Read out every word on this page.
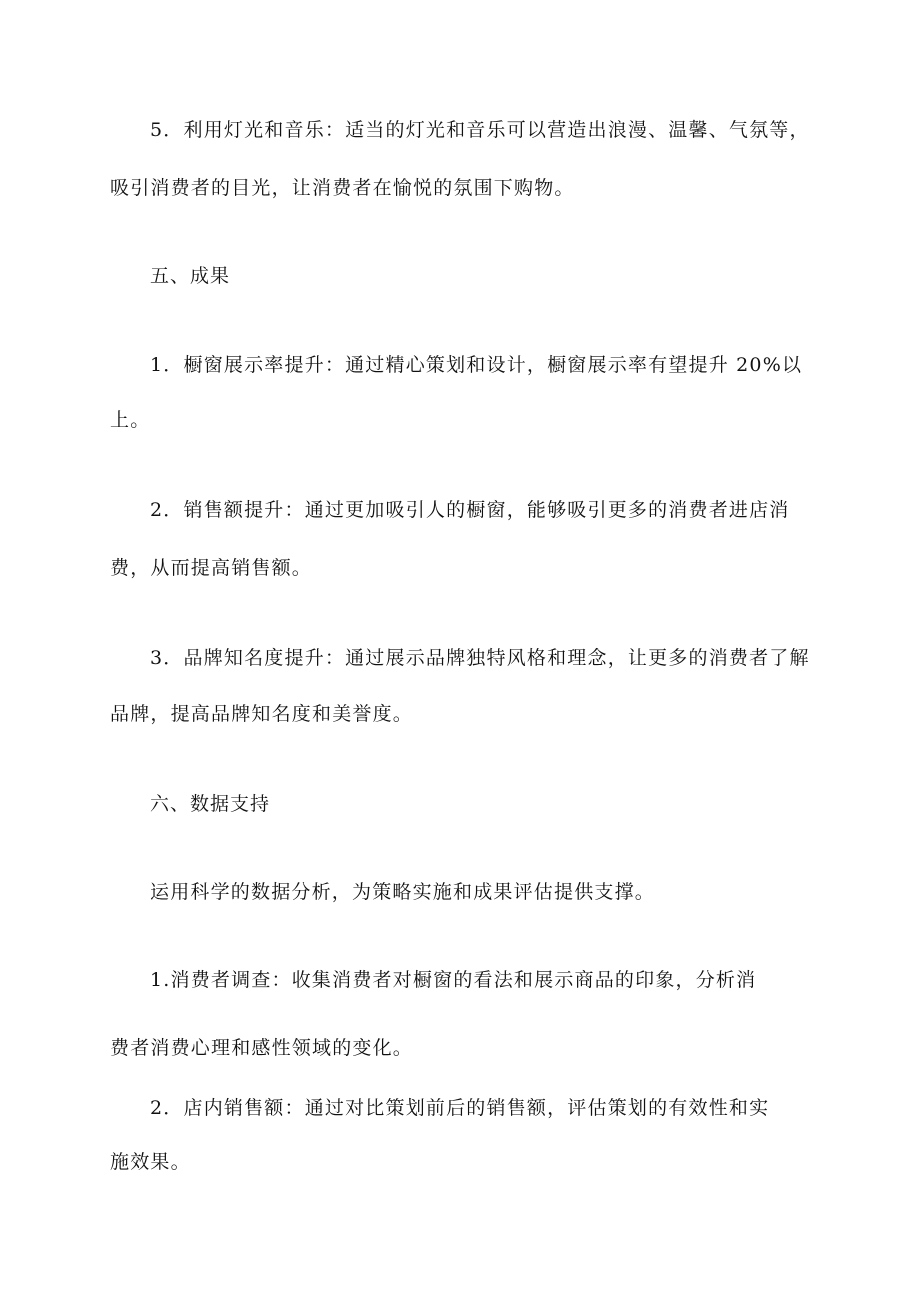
5．利用灯光和音乐：适当的灯光和音乐可以营造出浪漫、温馨、气氛等，
吸引消费者的目光，让消费者在愉悦的氛围下购物。
五、成果
1．橱窗展示率提升：通过精心策划和设计，橱窗展示率有望提升 20%以
上。
2．销售额提升：通过更加吸引人的橱窗，能够吸引更多的消费者进店消
费，从而提高销售额。
3．品牌知名度提升：通过展示品牌独特风格和理念，让更多的消费者了解
品牌，提高品牌知名度和美誉度。
六、数据支持
运用科学的数据分析，为策略实施和成果评估提供支撑。
1.消费者调查：收集消费者对橱窗的看法和展示商品的印象，分析消
费者消费心理和感性领域的变化。
2．店内销售额：通过对比策划前后的销售额，评估策划的有效性和实
施效果。
